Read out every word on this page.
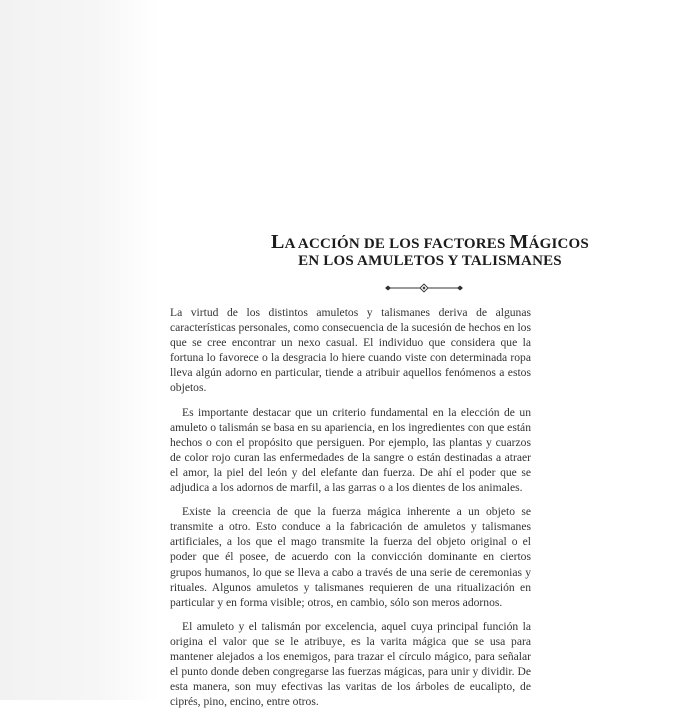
LA ACCIÓN DE LOS FACTORES MÁGICOS
EN LOS AMULETOS Y TALISMANES

La virtud de los distintos amuletos y talismanes deriva de algunas características personales, como consecuencia de la sucesión de hechos en los que se cree encontrar un nexo casual. El individuo que considera que la fortuna lo favorece o la desgracia lo hiere cuando viste con determinada ropa lleva algún adorno en particular, tiende a atribuir aquellos fenómenos a estos objetos.

Es importante destacar que un criterio fundamental en la elección de un amuleto o talismán se basa en su apariencia, en los ingredientes con que están hechos o con el propósito que persiguen. Por ejemplo, las plantas y cuarzos de color rojo curan las enfermedades de la sangre o están destinadas a atraer el amor, la piel del león y del elefante dan fuerza. De ahí el poder que se adjudica a los adornos de marfil, a las garras o a los dientes de los animales.

Existe la creencia de que la fuerza mágica inherente a un objeto se transmite a otro. Esto conduce a la fabricación de amuletos y talismanes artificiales, a los que el mago transmite la fuerza del objeto original o el poder que él posee, de acuerdo con la convicción dominante en ciertos grupos humanos, lo que se lleva a cabo a través de una serie de ceremonias y rituales. Algunos amuletos y talismanes requieren de una ritualización en particular y en forma visible; otros, en cambio, sólo son meros adornos.

El amuleto y el talismán por excelencia, aquel cuya principal función la origina el valor que se le atribuye, es la varita mágica que se usa para mantener alejados a los enemigos, para trazar el círculo mágico, para señalar el punto donde deben congregarse las fuerzas mágicas, para unir y dividir. De esta manera, son muy efectivas las varitas de los árboles de eucalipto, de ciprés, pino, encino, entre otros.
